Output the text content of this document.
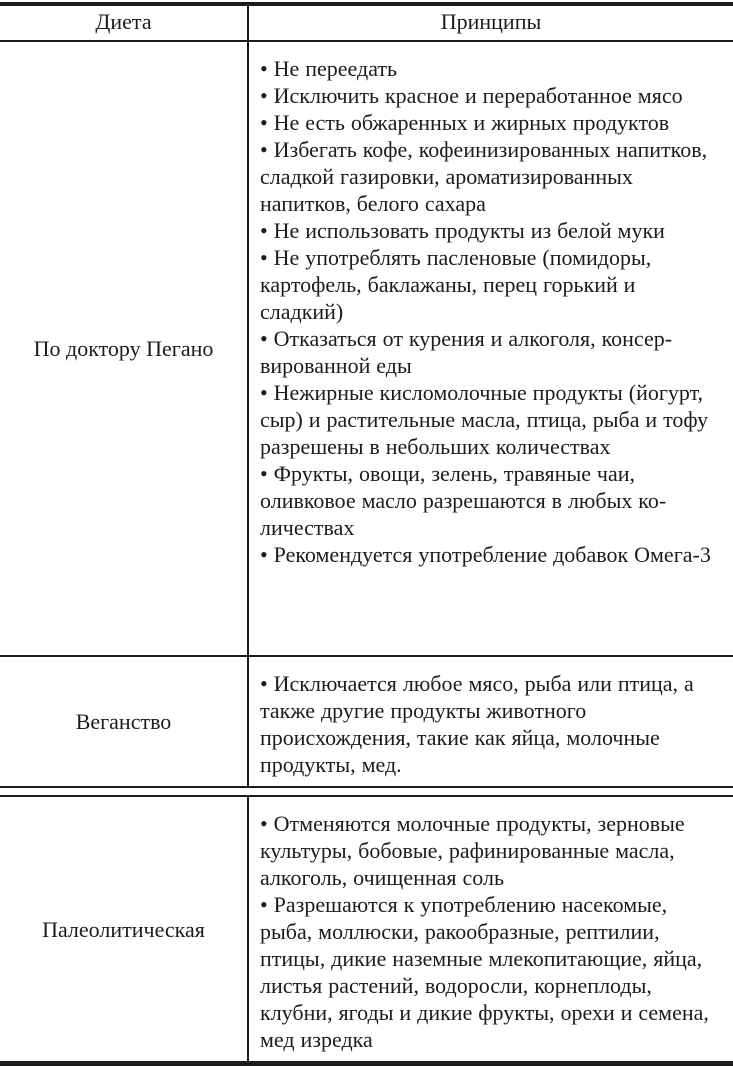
Диета	Принципы
По доктору Пегано
• Не переедать
• Исключить красное и переработанное мясо
• Не есть обжаренных и жирных продуктов
• Избегать кофе, кофеинизированных напитков, сладкой газировки, ароматизированных напитков, белого сахара
• Не использовать продукты из белой муки
• Не употреблять пасленовые (помидоры, картофель, баклажаны, перец горький и сладкий)
• Отказаться от курения и алкоголя, консервированной еды
• Нежирные кисломолочные продукты (йогурт, сыр) и растительные масла, птица, рыба и тофу разрешены в небольших количествах
• Фрукты, овощи, зелень, травяные чаи, оливковое масло разрешаются в любых количествах
• Рекомендуется употребление добавок Омега-3
Веганство
• Исключается любое мясо, рыба или птица, а также другие продукты животного происхождения, такие как яйца, молочные продукты, мед.
Палеолитическая
• Отменяются молочные продукты, зерновые культуры, бобовые, рафинированные масла, алкоголь, очищенная соль
• Разрешаются к употреблению насекомые, рыба, моллюски, ракообразные, рептилии, птицы, дикие наземные млекопитающие, яйца, листья растений, водоросли, корнеплоды, клубни, ягоды и дикие фрукты, орехи и семена, мед изредка
